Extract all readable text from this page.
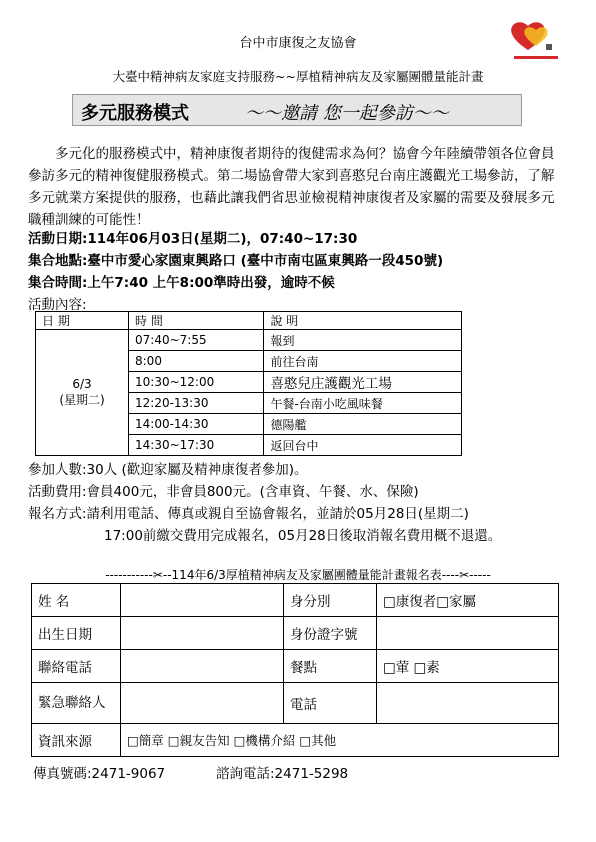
台中市康復之友協會
大臺中精神病友家庭支持服務~~厚植精神病友及家屬團體量能計畫
多元服務模式	～～邀請 您一起參訪～～
多元化的服務模式中，精神康復者期待的復健需求為何？協會今年陸續帶領各位會員參訪多元的精神復健服務模式。第二場協會帶大家到喜憨兒台南庄護觀光工場參訪，了解多元就業方案提供的服務，也藉此讓我們省思並檢視精神康復者及家屬的需要及發展多元職種訓練的可能性！
活動日期:114年06月03日(星期二)，07:40~17:30
集合地點:臺中市愛心家園東興路口 (臺中市南屯區東興路一段450號)
集合時間:上午7:40 上午8:00準時出發，逾時不候
活動內容:
日 期	時 間	說 明

6/3
(星期二)	07:40~7:55	報到
	8:00	前往台南
	10:30~12:00	喜憨兒庄護觀光工場
	12:20-13:30	午餐-台南小吃風味餐
	14:00-14:30	德陽艦
	14:30~17:30	返回台中
參加人數:30人 (歡迎家屬及精神康復者參加)。
活動費用:會員400元，非會員800元。(含車資、午餐、水、保險)
報名方式:請利用電話、傳真或親自至協會報名，並請於05月28日(星期二)
17:00前繳交費用完成報名，05月28日後取消報名費用概不退還。
-----------✂--114年6/3厚植精神病友及家屬團體量能計畫報名表----✂-----
姓 名		身分別	□康復者□家屬
出生日期		身份證字號	
聯絡電話		餐點	□葷 □素
緊急聯絡人		電話	
資訊來源	□簡章 □親友告知 □機構介紹 □其他		
傳真號碼:2471-9067	諮詢電話:2471-5298
